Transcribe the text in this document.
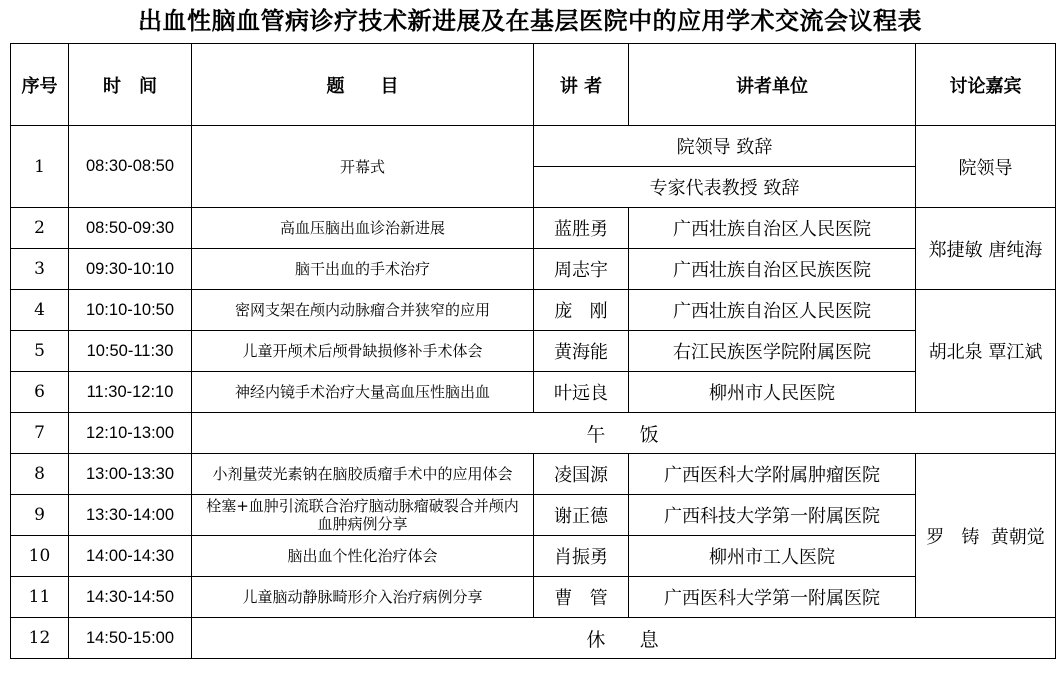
出血性脑血管病诊疗技术新进展及在基层医院中的应用学术交流会议程表
序号	时　间	题　　目	讲 者	讲者单位	讨论嘉宾
1	08:30-08:50	开幕式	院领导 致辞		院领导
			专家代表教授 致辞		
2	08:50-09:30	高血压脑出血诊治新进展	蓝胜勇	广西壮族自治区人民医院	郑捷敏 唐纯海
3	09:30-10:10	脑干出血的手术治疗	周志宇	广西壮族自治区民族医院	
4	10:10-10:50	密网支架在颅内动脉瘤合并狭窄的应用	庞   刚	广西壮族自治区人民医院	胡北泉 覃江斌
5	10:50-11:30	儿童开颅术后颅骨缺损修补手术体会	黄海能	右江民族医学院附属医院	
6	11:30-12:10	神经内镜手术治疗大量高血压性脑出血	叶远良	柳州市人民医院	
7	12:10-13:00	午    饭			
8	13:00-13:30	小剂量荧光素钠在脑胶质瘤手术中的应用体会	凌国源	广西医科大学附属肿瘤医院	罗   铸  黄朝觉
9	13:30-14:00	栓塞+血肿引流联合治疗脑动脉瘤破裂合并颅内血肿病例分享	谢正德	广西科技大学第一附属医院	
10	14:00-14:30	脑出血个性化治疗体会	肖振勇	柳州市工人医院	
11	14:30-14:50	儿童脑动静脉畸形介入治疗病例分享	曹   管	广西医科大学第一附属医院	
12	14:50-15:00	休    息			
